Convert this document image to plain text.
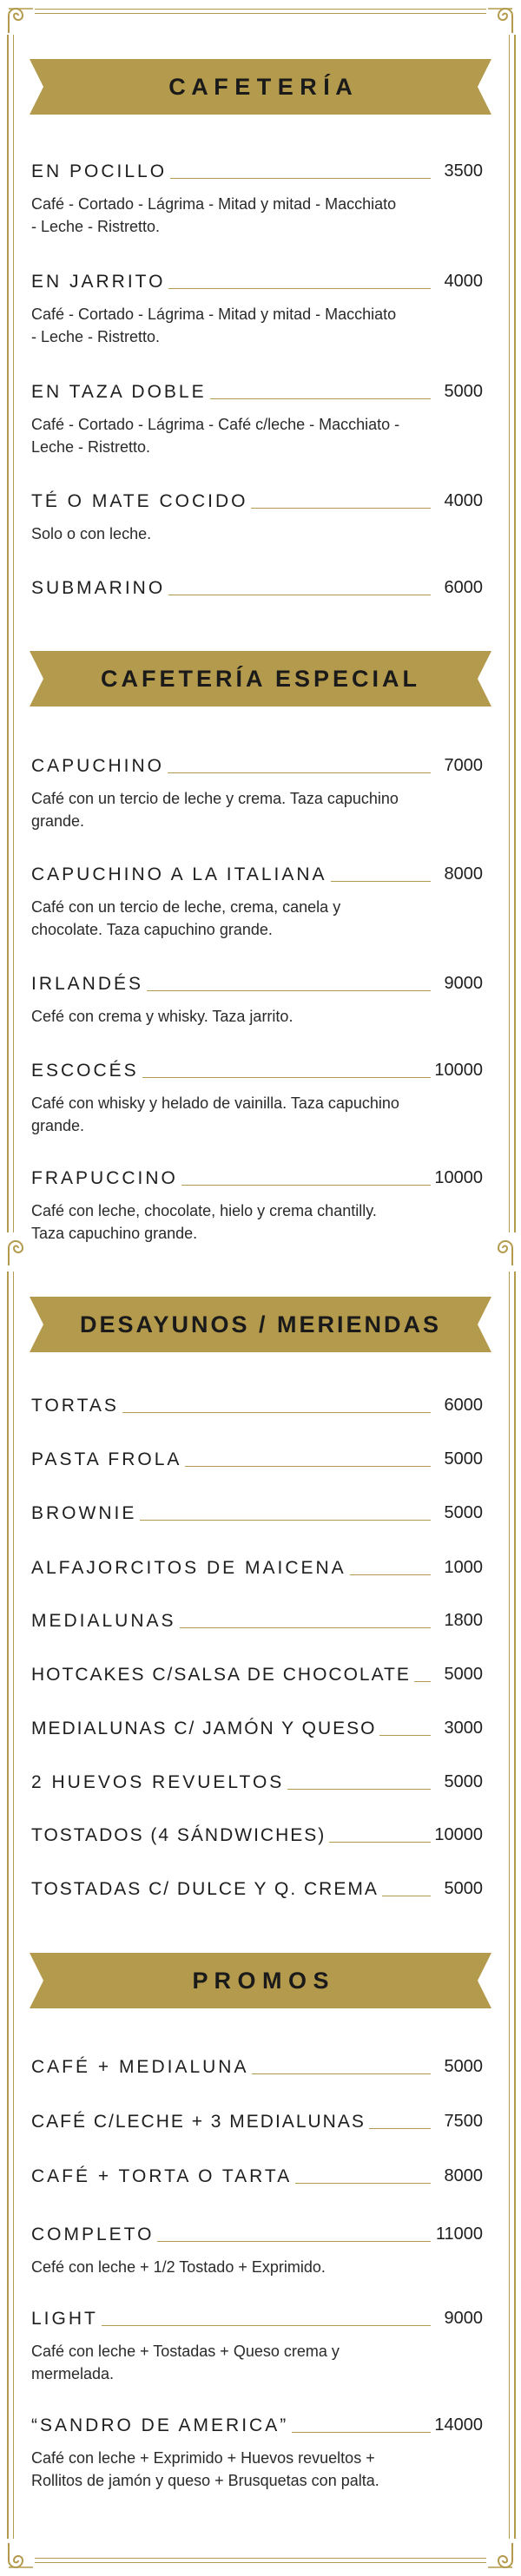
C A F E T E R Í A
EN POCILLO	3500
Café - Cortado - Lágrima - Mitad y mitad - Macchiato - Leche - Ristretto.
EN JARRITO	4000
Café - Cortado - Lágrima - Mitad y mitad - Macchiato - Leche - Ristretto.
EN TAZA DOBLE	5000
Café - Cortado - Lágrima - Café c/leche - Macchiato - Leche - Ristretto.
TÉ O MATE COCIDO	4000
Solo o con leche.
SUBMARINO	6000
CAFETERÍA ESPECIAL
CAPUCHINO	7000
Café con un tercio de leche y crema. Taza capuchino grande.
CAPUCHINO A LA ITALIANA	8000
Café con un tercio de leche, crema, canela y chocolate. Taza capuchino grande.
IRLANDÉS	9000
Cefé con crema y whisky. Taza jarrito.
ESCOCÉS	10000
Café con whisky y helado de vainilla. Taza capuchino grande.
FRAPUCCINO	10000
Café con leche, chocolate, hielo y crema chantilly. Taza capuchino grande.
DESAYUNOS / MERIENDAS
TORTAS	6000
PASTA FROLA	5000
BROWNIE	5000
ALFAJORCITOS DE MAICENA	1000
MEDIALUNAS	1800
HOTCAKES C/SALSA DE CHOCOLATE 5000
MEDIALUNAS C/ JAMÓN Y QUESO	3000
2 HUEVOS REVUELTOS	5000
TOSTADOS (4 SÁNDWICHES)	10000
TOSTADAS C/ DULCE Y Q. CREMA	5000
P R O M O S
CAFÉ + MEDIALUNA	5000
CAFÉ C/LECHE + 3 MEDIALUNAS	7500
CAFÉ + TORTA O TARTA	8000
COMPLETO	11000
Cefé con leche + 1/2 Tostado + Exprimido.
LIGHT	9000
Café con leche + Tostadas + Queso crema y mermelada.
“SANDRO DE AMERICA”	14000
Café con leche + Exprimido + Huevos revueltos + Rollitos de jamón y queso + Brusquetas con palta.
